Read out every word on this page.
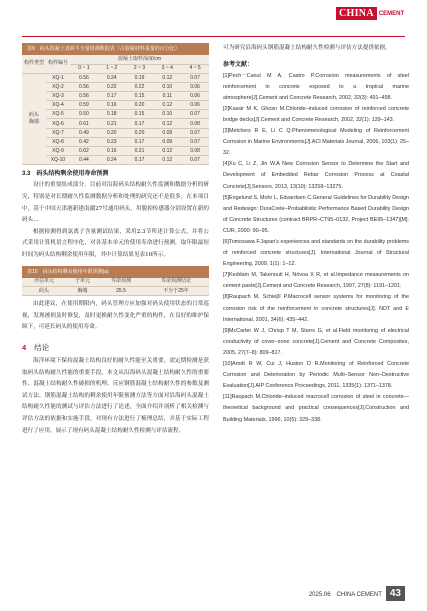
CHINA CEMENT
表9　码头混凝土表面平全量铬测数据表（占胶凝材料重量的百分比）
构件类型	构件编号	混凝土取样深度/cm				
		0 ~ 1	1 ~ 2	2 ~ 3	3 ~ 4	4 ~ 5
码头胸墙	XQ-1	0.56	0.24	0.19	0.12	0.07
	XQ-2	0.56	0.22	0.22	0.10	0.06
	XQ-3	0.56	0.17	0.15	0.11	0.06
	XQ-4	0.59	0.16	0.20	0.12	0.06
	XQ-5	0.50	0.18	0.15	0.10	0.07
	XQ-6	0.61	0.21	0.17	0.12	0.08
	XQ-7	0.49	0.20	0.20	0.09	0.07
	XQ-8	0.42	0.23	0.17	0.09	0.07
	XQ-9	0.62	0.16	0.21	0.12	0.08
	XQ-10	0.44	0.24	0.17	0.12	0.07
3.3　码头结构剩余使用寿命预测

设计的重要组成部分。目前对沿海码头结构耐久性监测和数据分析的研究，特别是对长期耐久性监测数据分析和处理的研究还不是很多。在本项目中，基于中国天津港新建南疆27号通用码头，用脱掉传感器分别设置在新的码头...

根据检测得到氯离子含量测试结果，采用2.3节所述计算公式，并将公式采用计算机语言程序化，对各基本单元的使用寿命进行预测，取年限最短时间为码头结构剩余使用年限，其中计算结果见表10所示。

表10　码头结构剩余使用年限预测(a)
评估单元	子单元	寿命预测	寿命预测结论
码头	胸墙	25.5	不少于25年

由此建议，在使用期限内，码头管理方应加强对码头使用状态的日常巡视，发现被损及时修复，及时更换耐久性变化严重的构件，在良好的维护保障下，可延长码头的使用寿命。

4 结论

海洋环境下保持混凝土结构良好的耐久性能至关重要，需定期检测是获取码头结构耐久性能的重要手段。本文从沿海码头混凝土结构耐久性的重要性、混凝土结构耐久性破损的机理、反应钢筋混凝土结构耐久性的参数及测试方法、钢筋混凝土结构的剩余使用年限预测方法等方面对沿海码头混凝土结构耐久性能的测试与评估方法进行了论述，全面介绍并剖析了相关检测与评估方法的依据和实施手段，对现有方法进行了梳理总结，并基于实际工程进行了应用，展示了现有码头混凝土结构耐久性检测与评估流程，

可为研究沿海码头钢筋混凝土结构耐久性检测与评估方法提供依据。

参考文献：

[1]Pech－Canul M A, Castro P.Corrosion measurements of steel reinforcement in concrete exposed to a tropical marine atmosphere[J].Cement and Concrete Research, 2002, 32(3): 491–498.

[2]Kassir M K, Ghosn M.Chloride–induced corrosion of reinforced concrete bridge decks[J].Cement and Concrete Research, 2002, 32(1): 139–143.

[3]Melchers R E, Li C Q.Phenomenological Modeling of Reinforcement Corrosion in Marine Environments[J].ACI Materials Journal, 2006, 103(1): 25–32.

[4]Xu C, Li Z, Jin W.A New Corrosion Sensor to Determine the Start and Development of Embedded Rebar Corrosion Process at Coastal Concrete[J].Sensors, 2013, 13(10): 13258–13275.

[5]Engelund S, Mohr L, Edvardsen C.General Guidelines for Durability Design and Redesign: DuraCrete–Probabilistic Performance Based Durability Design of Concrete Structures (contract BRPR–CT95–0132, Project BE95–1347)[M]. CUR, 2000: 90–95.

[6]Tomosawa F.Japan's experiences and standards on the durability problems of reinforced concrete structures[J]. International Journal of Structural Engineering, 2009, 1(1): 1–12.

[7]Keddam M, Takenouti H, Nóvoa X R, et al.Impedance measurements on cement paste[J].Cement and Concrete Research, 1997, 27(8): 1191–1201.

[8]Raupach M, Schieβl P.Macrocell sensor systems for monitoring of the corrosion risk of the reinforcement in concrete structures[J]. NDT and E International, 2001, 34(6): 435–442.

[9]McCarter W J, Chrisp T M, Starrs G, et al.Field monitoring of electrical conductivity of cover–zone concrete[J].Cement and Concrete Composites, 2005, 27(7–8): 809–817.

[10]Arndt R W, Cui J, Huston D R.Monitoring of Reinforced Concrete Corrosion and Deterioration by Periodic Multi–Sensor Non–Destructive Evaluation[J].AIP Conference Proceedings, 2011, 1335(1): 1371–1378.

[11]Raupach M.Chloride–induced macrocell corrosion of steel in concrete—theoretical background and practical consequences[J].Construction and Building Materials, 1996, 10(5): 329–338.

2025.06　CHINA CEMENT 43
